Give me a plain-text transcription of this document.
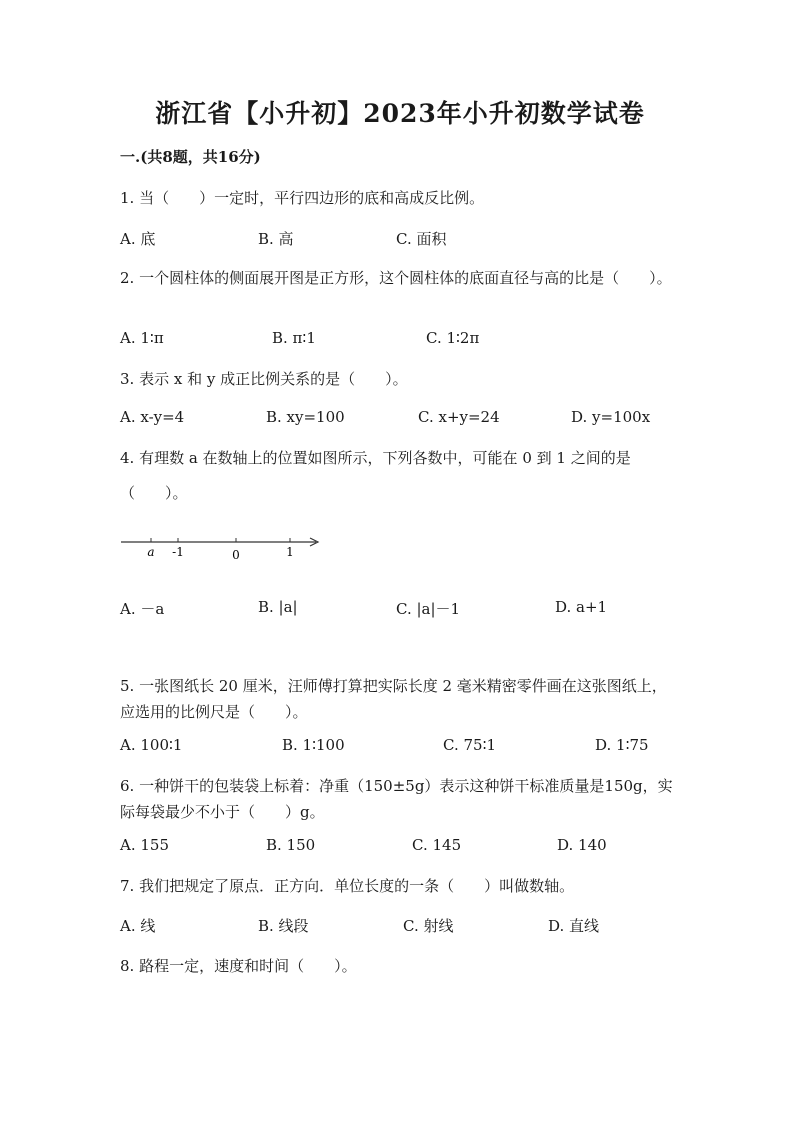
浙江省【小升初】2023年小升初数学试卷
一.(共8题，共16分)
1. 当（　　）一定时，平行四边形的底和高成反比例。
A. 底	B. 高	C. 面积
2. 一个圆柱体的侧面展开图是正方形，这个圆柱体的底面直径与高的比是（　　）。
A. 1∶π	B. π∶1	C. 1∶2π
3. 表示 x 和 y 成正比例关系的是（　　）。
A. x-y=4	B. xy=100	C. x+y=24	D. y=100x
4. 有理数 a 在数轴上的位置如图所示，下列各数中，可能在 0 到 1 之间的是
（　　）。
a -1	0	1
A. －a	B. |a|	C. |a|－1	D. a+1
5. 一张图纸长 20 厘米，汪师傅打算把实际长度 2 毫米精密零件画在这张图纸上，应选用的比例尺是（　　）。
A. 100∶1	B. 1∶100	C. 75∶1	D. 1∶75
6. 一种饼干的包装袋上标着：净重（150±5g）表示这种饼干标准质量是150g，实际每袋最少不小于（　　）g。
A. 155	B. 150	C. 145	D. 140
7. 我们把规定了原点．正方向．单位长度的一条（　　）叫做数轴。
A. 线	B. 线段	C. 射线	D. 直线
8. 路程一定，速度和时间（　　）。
